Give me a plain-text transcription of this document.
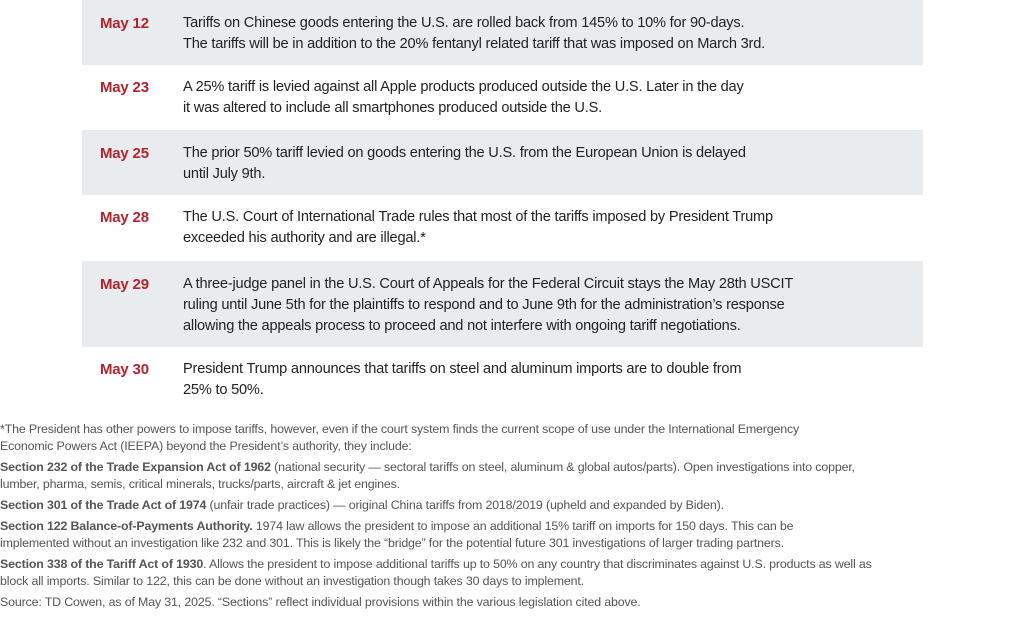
May 12 Tariffs on Chinese goods entering the U.S. are rolled back from 145% to 10% for 90-days.
The tariffs will be in addition to the 20% fentanyl related tariff that was imposed on March 3rd.
May 23 A 25% tariff is levied against all Apple products produced outside the U.S. Later in the day
it was altered to include all smartphones produced outside the U.S.
May 25 The prior 50% tariff levied on goods entering the U.S. from the European Union is delayed
until July 9th.
May 28 The U.S. Court of International Trade rules that most of the tariffs imposed by President Trump
exceeded his authority and are illegal.*
May 29 A three-judge panel in the U.S. Court of Appeals for the Federal Circuit stays the May 28th USCIT
ruling until June 5th for the plaintiffs to respond and to June 9th for the administration’s response
allowing the appeals process to proceed and not interfere with ongoing tariff negotiations.
May 30 President Trump announces that tariffs on steel and aluminum imports are to double from
25% to 50%.
*The President has other powers to impose tariffs, however, even if the court system finds the current scope of use under the International Emergency
Economic Powers Act (IEEPA) beyond the President’s authority, they include:
Section 232 of the Trade Expansion Act of 1962 (national security — sectoral tariffs on steel, aluminum & global autos/parts). Open investigations into copper,
lumber, pharma, semis, critical minerals, trucks/parts, aircraft & jet engines.
Section 301 of the Trade Act of 1974 (unfair trade practices) — original China tariffs from 2018/2019 (upheld and expanded by Biden).
Section 122 Balance-of-Payments Authority. 1974 law allows the president to impose an additional 15% tariff on imports for 150 days. This can be
implemented without an investigation like 232 and 301. This is likely the “bridge” for the potential future 301 investigations of larger trading partners.
Section 338 of the Tariff Act of 1930. Allows the president to impose additional tariffs up to 50% on any country that discriminates against U.S. products as well as
block all imports. Similar to 122, this can be done without an investigation though takes 30 days to implement.
Source: TD Cowen, as of May 31, 2025. “Sections” reflect individual provisions within the various legislation cited above.
